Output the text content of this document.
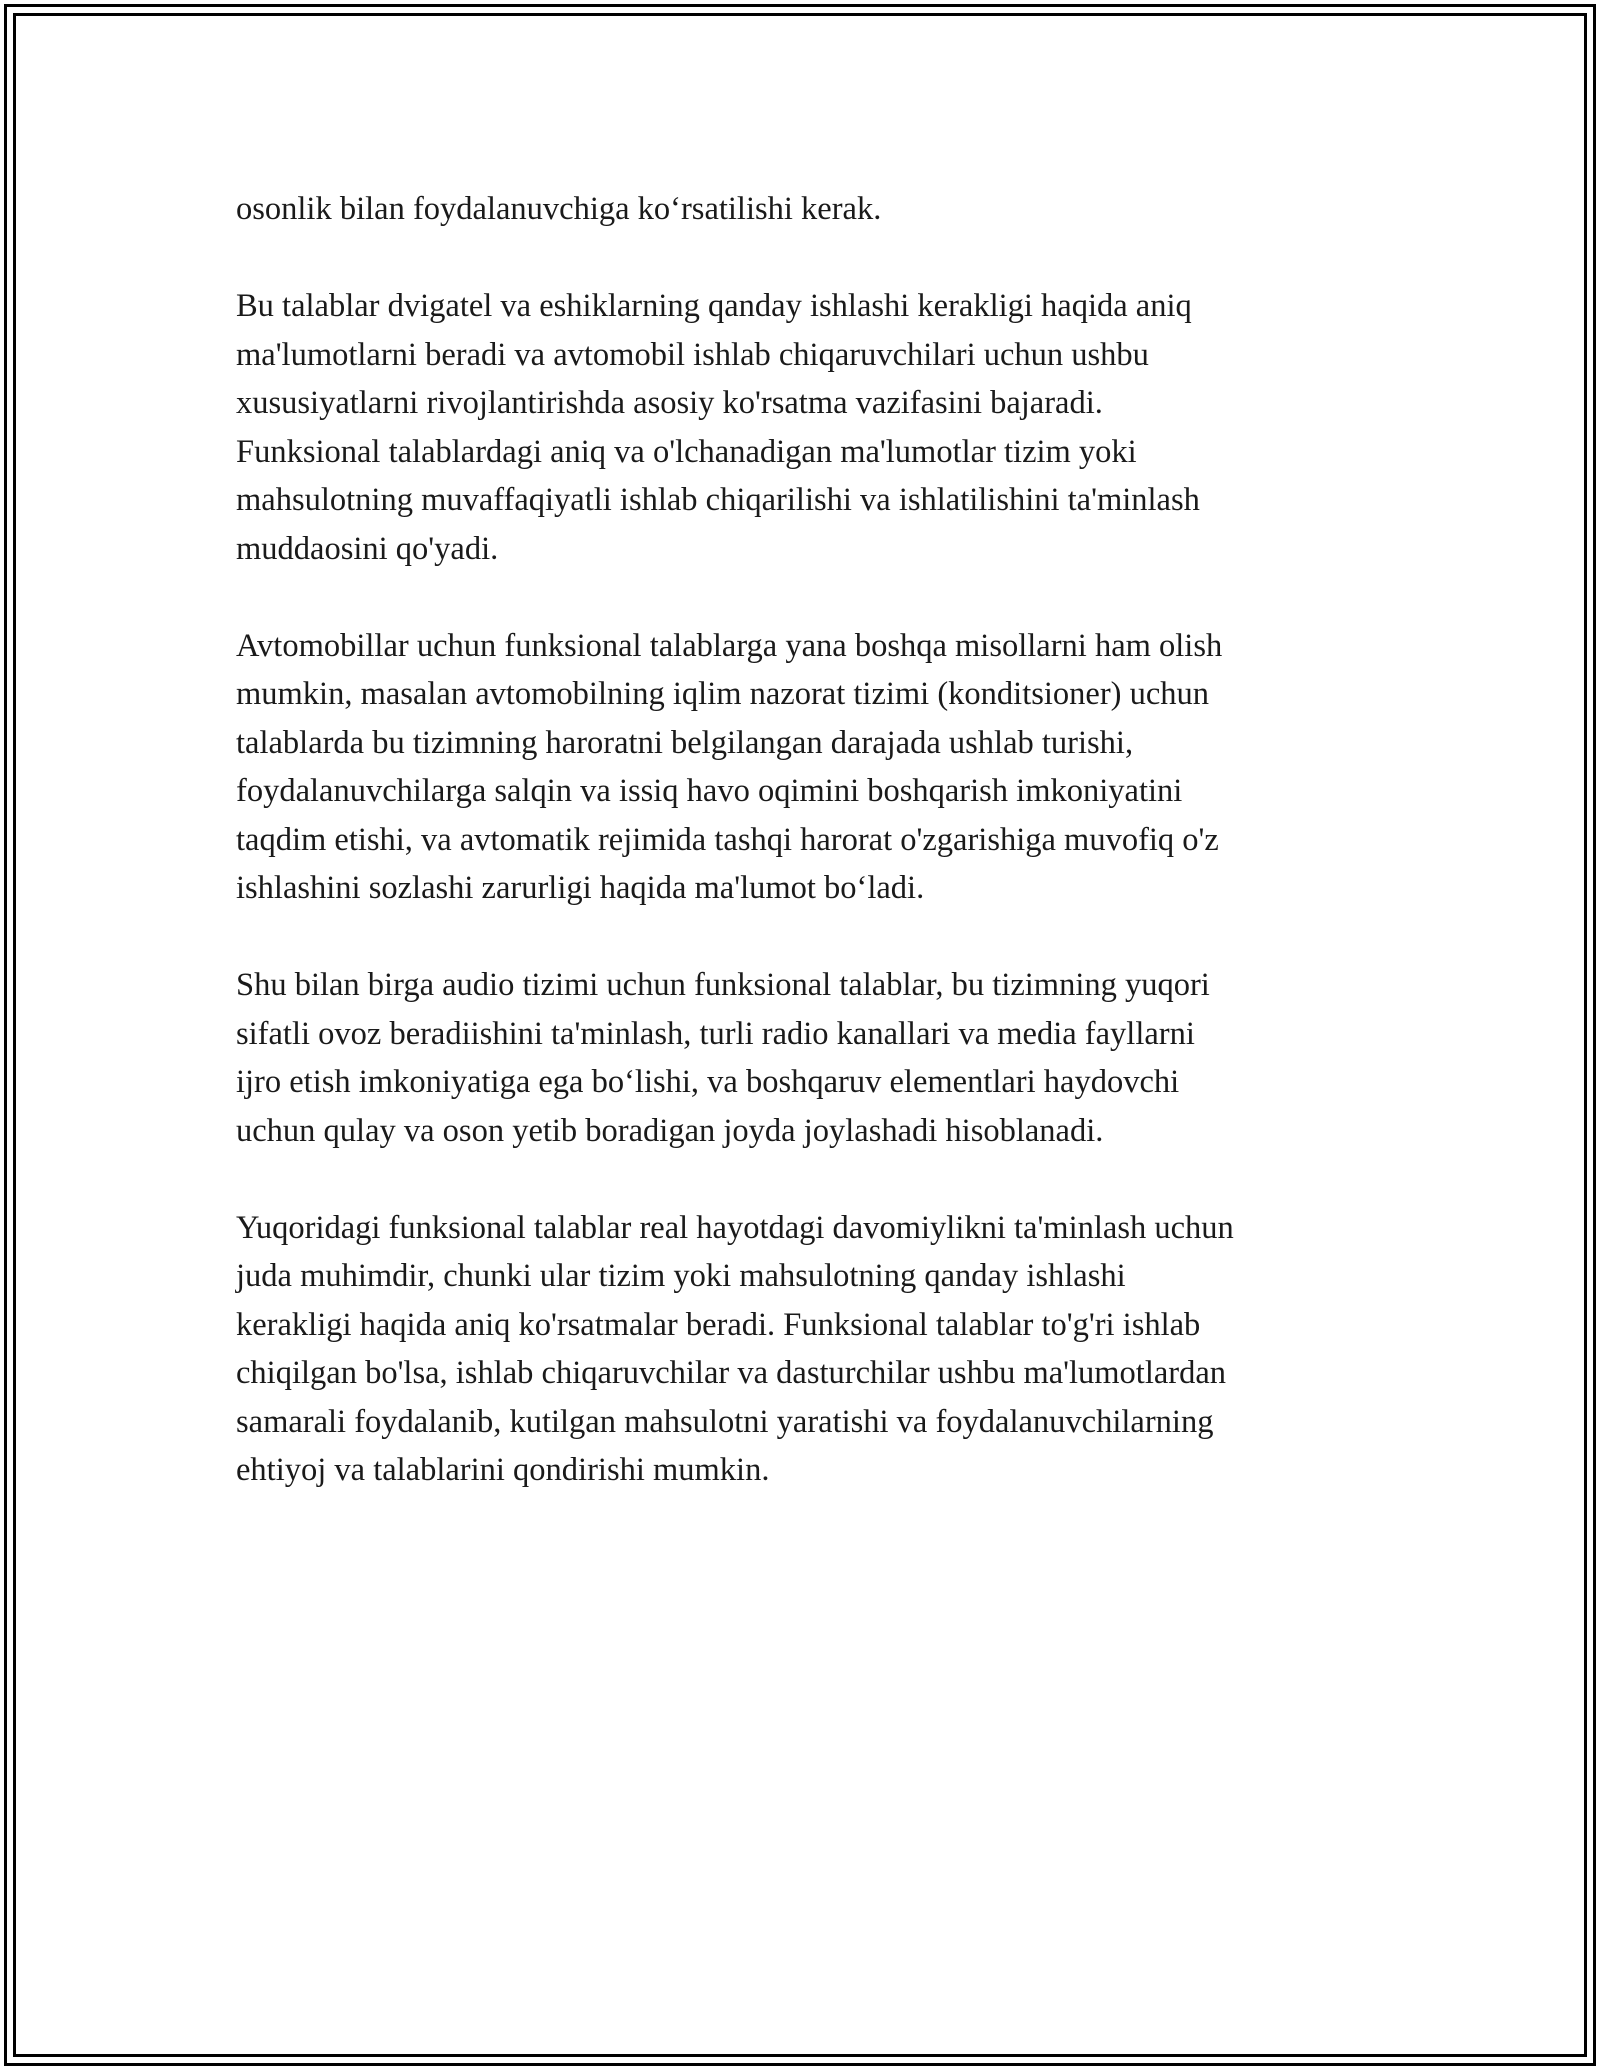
osonlik bilan foydalanuvchiga ko‘rsatilishi kerak.

Bu talablar dvigatel va eshiklarning qanday ishlashi kerakligi haqida aniq
ma'lumotlarni beradi va avtomobil ishlab chiqaruvchilari uchun ushbu
xususiyatlarni rivojlantirishda asosiy ko'rsatma vazifasini bajaradi.
Funksional talablardagi aniq va o'lchanadigan ma'lumotlar tizim yoki
mahsulotning muvaffaqiyatli ishlab chiqarilishi va ishlatilishini ta'minlash
muddaosini qo'yadi.

Avtomobillar uchun funksional talablarga yana boshqa misollarni ham olish
mumkin, masalan avtomobilning iqlim nazorat tizimi (konditsioner) uchun
talablarda bu tizimning haroratni belgilangan darajada ushlab turishi,
foydalanuvchilarga salqin va issiq havo oqimini boshqarish imkoniyatini
taqdim etishi, va avtomatik rejimida tashqi harorat o'zgarishiga muvofiq o'z
ishlashini sozlashi zarurligi haqida ma'lumot bo‘ladi.

Shu bilan birga audio tizimi uchun funksional talablar, bu tizimning yuqori
sifatli ovoz beradiishini ta'minlash, turli radio kanallari va media fayllarni
ijro etish imkoniyatiga ega bo‘lishi, va boshqaruv elementlari haydovchi
uchun qulay va oson yetib boradigan joyda joylashadi hisoblanadi.

Yuqoridagi funksional talablar real hayotdagi davomiylikni ta'minlash uchun
juda muhimdir, chunki ular tizim yoki mahsulotning qanday ishlashi
kerakligi haqida aniq ko'rsatmalar beradi. Funksional talablar to'g'ri ishlab
chiqilgan bo'lsa, ishlab chiqaruvchilar va dasturchilar ushbu ma'lumotlardan
samarali foydalanib, kutilgan mahsulotni yaratishi va foydalanuvchilarning
ehtiyoj va talablarini qondirishi mumkin.
